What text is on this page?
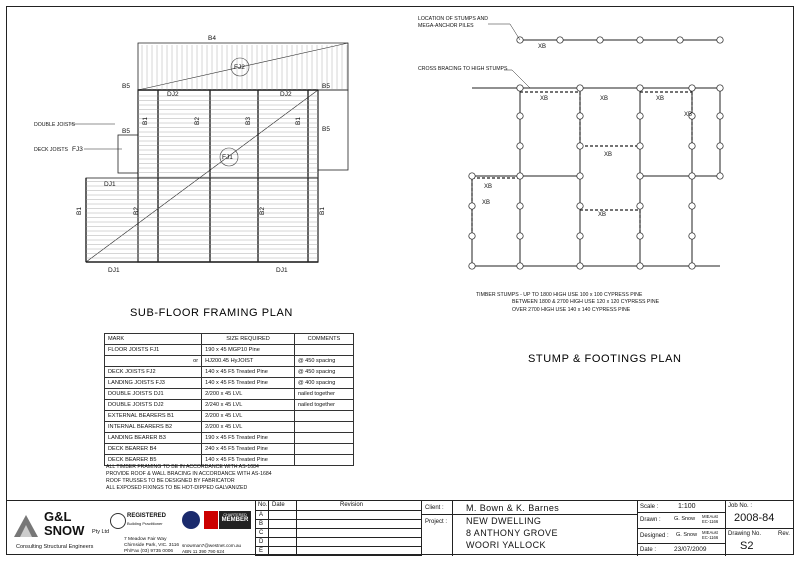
B4
FJ2
B5
DJ2	DJ2
B5
B5	B5
FJ1
B1	B2	B3	B1
DJ1
B1	B2	B2	B1
DJ1	DJ1
DOUBLE JOISTS
DECK JOISTS FJ3
SUB-FLOOR FRAMING PLAN
LOCATION OF STUMPS AND
MEGA-ANCHOR PILES
CROSS BRACING TO HIGH STUMPS
TIMBER STUMPS - UP TO 1800 HIGH USE 100 x 100 CYPRESS PINE
BETWEEN 1800 & 2700 HIGH USE 120 x 120 CYPRESS PINE
OVER 2700 HIGH USE 140 x 140 CYPRESS PINE
XB
XB	XB	XB
XB
XB
XB
XB
XB
STUMP & FOOTINGS PLAN
MARK	SIZE REQUIRED	COMMENTS
FLOOR JOISTS FJ1	190 x 45 MGP10 Pine	
or	HJ200.45 HyJOIST	@ 450 spacing
DECK JOISTS FJ2	140 x 45 F5 Treated Pine	@ 450 spacing
LANDING JOISTS FJ3	140 x 45 F5 Treated Pine	@ 400 spacing
DOUBLE JOISTS DJ1	2/200 x 45 LVL	nailed together
DOUBLE JOISTS DJ2	2/240 x 45 LVL	nailed together
EXTERNAL BEARERS B1	2/200 x 45 LVL	
INTERNAL BEARERS B2	2/200 x 45 LVL	
LANDING BEARER B3	190 x 45 F5 Treated Pine	
DECK BEARER B4	240 x 45 F5 Treated Pine	
DECK BEARER B5	140 x 45 F5 Treated Pine	
ALL TIMBER FRAMING TO BE IN ACCORDANCE WITH AS-1684
PROVIDE ROOF & WALL BRACING IN ACCORDANCE WITH AS-1684
ROOF TRUSSES TO BE DESIGNED BY FABRICATOR
ALL EXPOSED FIXINGS TO BE HOT-DIPPED GALVANIZED
G&L
SNOW Pty Ltd
Consulting Structural Engineers
REGISTERED
Building Practitioner
CHARTERED
MEMBER
7 Meadow Fair Way
Chirnside Park, VIC. 3116
Ph/Fax (03) 9735 0006
snowman7@westnet.com.au
ABN 11 390 790 624
No. Date	Revision
A
B
C
D
E
Client : M. Bown & K. Barnes
Project : NEW DWELLING
8 ANTHONY GROVE
WOORI YALLOCK
Scale :	1:100
Drawn : G. Snow MIEAust EC-1166
Designed : G. Snow MIEAust EC-1166
Date :	23/07/2009
Job No. :
2008-84
Drawing No.	Rev.
S2
